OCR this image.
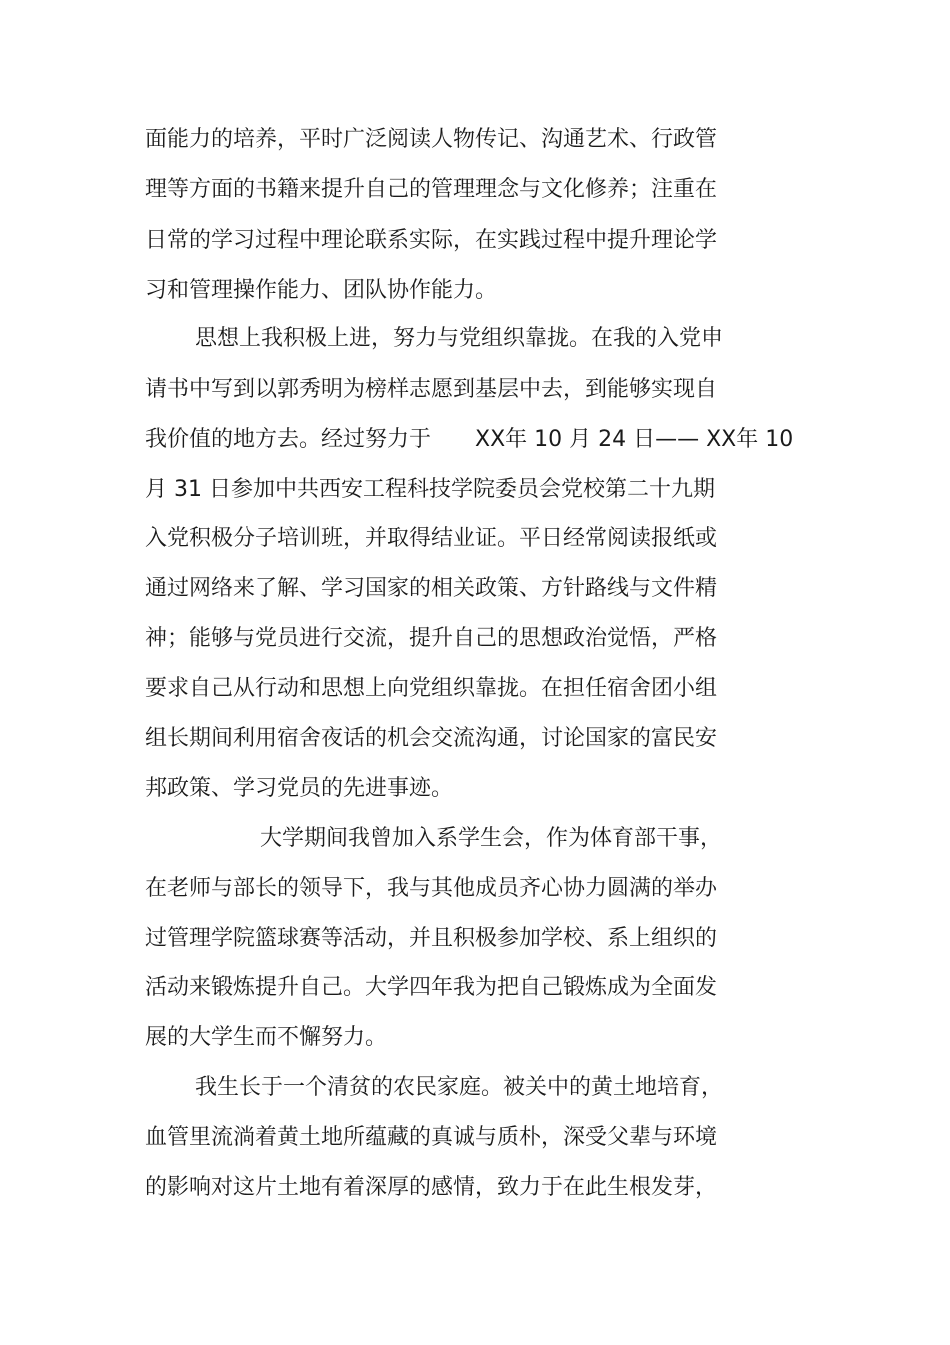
面能力的培养，平时广泛阅读人物传记、沟通艺术、行政管

理等方面的书籍来提升自己的管理理念与文化修养；注重在

日常的学习过程中理论联系实际，在实践过程中提升理论学

习和管理操作能力、团队协作能力。

思想上我积极上进，努力与党组织靠拢。在我的入党申

请书中写到以郭秀明为榜样志愿到基层中去，到能够实现自

我价值的地方去。经过努力于　　XX年 10 月 24 日—— XX年 10

月 31 日参加中共西安工程科技学院委员会党校第二十九期

入党积极分子培训班，并取得结业证。平日经常阅读报纸或

通过网络来了解、学习国家的相关政策、方针路线与文件精

神；能够与党员进行交流，提升自己的思想政治觉悟，严格

要求自己从行动和思想上向党组织靠拢。在担任宿舍团小组

组长期间利用宿舍夜话的机会交流沟通，讨论国家的富民安

邦政策、学习党员的先进事迹。

大学期间我曾加入系学生会，作为体育部干事，

在老师与部长的领导下，我与其他成员齐心协力圆满的举办

过管理学院篮球赛等活动，并且积极参加学校、系上组织的

活动来锻炼提升自己。大学四年我为把自己锻炼成为全面发

展的大学生而不懈努力。

我生长于一个清贫的农民家庭。被关中的黄土地培育，

血管里流淌着黄土地所蕴藏的真诚与质朴，深受父辈与环境

的影响对这片土地有着深厚的感情，致力于在此生根发芽，
